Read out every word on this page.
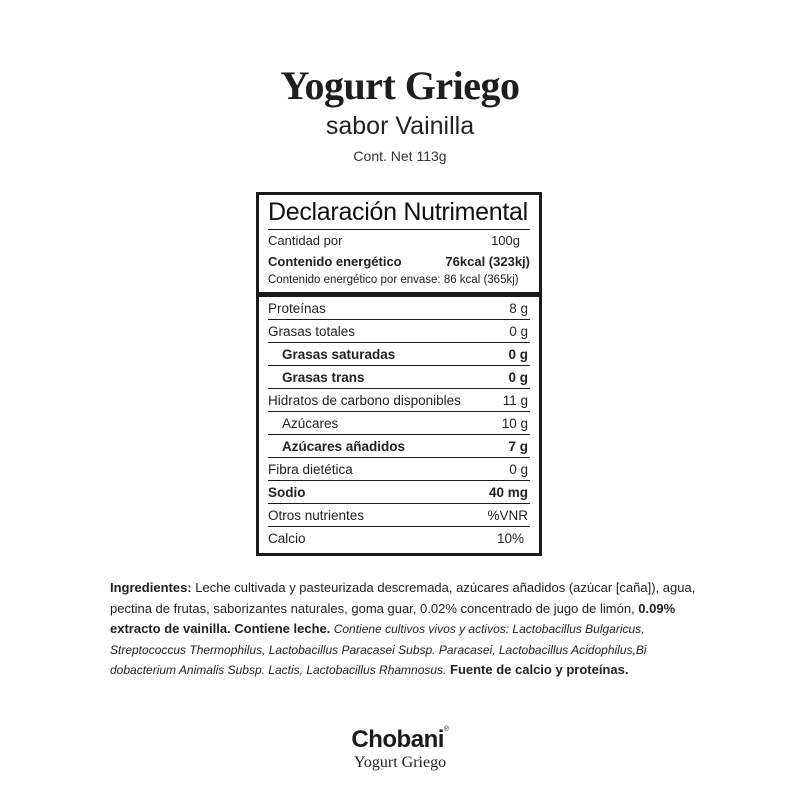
Yogurt Griego
sabor Vainilla
Cont. Net 113g
Declaración Nutrimental
Cantidad por	100g
Contenido energético	76kcal (323kj)
Contenido energético por envase: 86 kcal (365kj)
Proteínas	8 g
Grasas totales	0 g
Grasas saturadas	0 g
Grasas trans	0 g
Hidratos de carbono disponibles	11 g
Azúcares	10 g
Azúcares añadidos	7 g
Fibra dietética	0 g
Sodio	40 mg
Otros nutrientes	%VNR
Calcio	10%
Ingredientes: Leche cultivada y pasteurizada descremada, azúcares añadidos (azúcar [caña]), agua, pectina de frutas, saborizantes naturales, goma guar, 0.02% concentrado de jugo de limón, 0.09% extracto de vainilla. Contiene leche. Contiene cultivos vivos y activos: Lactobacillus Bulgaricus, Streptococcus Thermophilus, Lactobacillus Paracasei Subsp. Paracasei, Lactobacillus Acidophilus,Bi dobacterium Animalis Subsp. Lactis, Lactobacillus Rhamnosus. Fuente de calcio y proteínas.
Chobani®
Yogurt Griego
